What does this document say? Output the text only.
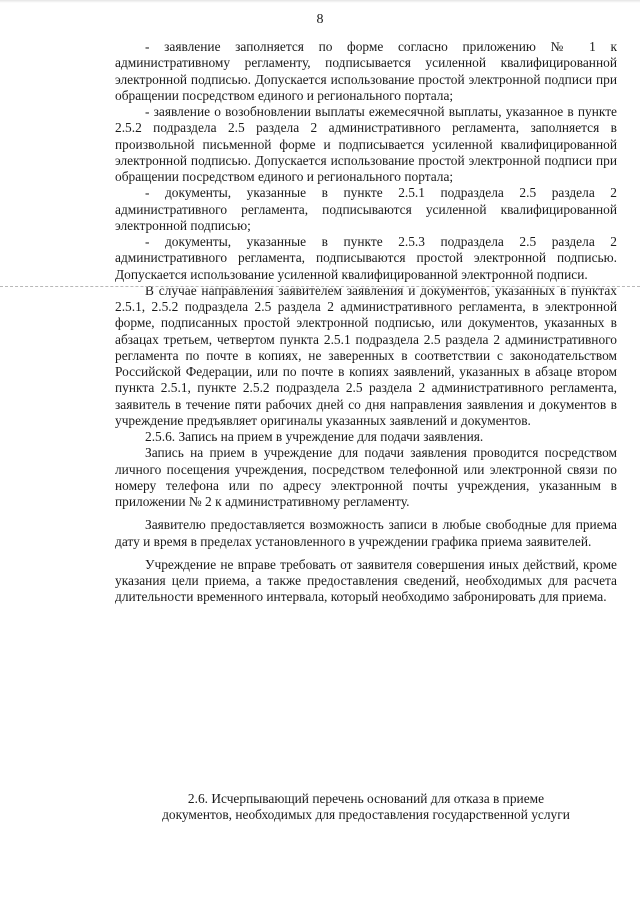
8

- заявление заполняется по форме согласно приложению № 1 к административному регламенту, подписывается усиленной квалифицированной электронной подписью. Допускается использование простой электронной подписи при обращении посредством единого и регионального портала;

- заявление о возобновлении выплаты ежемесячной выплаты, указанное в пункте 2.5.2 подраздела 2.5 раздела 2 административного регламента, заполняется в произвольной письменной форме и подписывается усиленной квалифицированной электронной подписью. Допускается использование простой электронной подписи при обращении посредством единого и регионального портала;

- документы, указанные в пункте 2.5.1 подраздела 2.5 раздела 2 административного регламента, подписываются усиленной квалифицированной электронной подписью;

- документы, указанные в пункте 2.5.3 подраздела 2.5 раздела 2 административного регламента, подписываются простой электронной подписью. Допускается использование усиленной квалифицированной электронной подписи.

В случае направления заявителем заявления и документов, указанных в пунктах 2.5.1, 2.5.2 подраздела 2.5 раздела 2 административного регламента, в электронной форме, подписанных простой электронной подписью, или документов, указанных в абзацах третьем, четвертом пункта 2.5.1 подраздела 2.5 раздела 2 административного регламента по почте в копиях, не заверенных в соответствии с законодательством Российской Федерации, или по почте в копиях заявлений, указанных в абзаце втором пункта 2.5.1, пункте 2.5.2 подраздела 2.5 раздела 2 административного регламента, заявитель в течение пяти рабочих дней со дня направления заявления и документов в учреждение предъявляет оригиналы указанных заявлений и документов.

2.5.6. Запись на прием в учреждение для подачи заявления.

Запись на прием в учреждение для подачи заявления проводится посредством личного посещения учреждения, посредством телефонной или электронной связи по номеру телефона или по адресу электронной почты учреждения, указанным в приложении № 2 к административному регламенту.

Заявителю предоставляется возможность записи в любые свободные для приема дату и время в пределах установленного в учреждении графика приема заявителей.

Учреждение не вправе требовать от заявителя совершения иных действий, кроме указания цели приема, а также предоставления сведений, необходимых для расчета длительности временного интервала, который необходимо забронировать для приема.

2.6. Исчерпывающий перечень оснований для отказа в приеме
документов, необходимых для предоставления государственной услуги
